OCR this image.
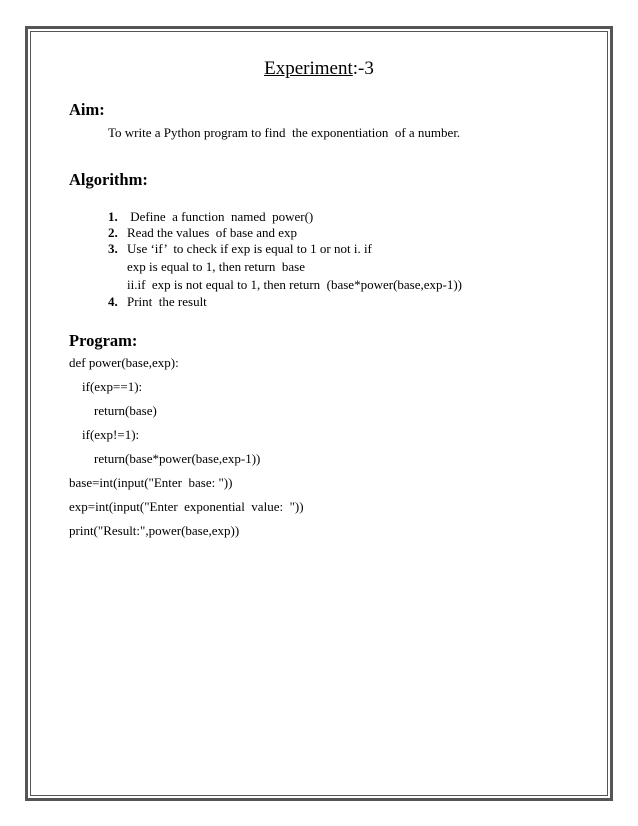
Experiment:-3
Aim:
To write a Python program to find  the exponentiation  of a number.
Algorithm:
1. Define  a function  named  power()
2. Read the values  of base and exp
3. Use ‘if’  to check if exp is equal to 1 or not i. if
exp is equal to 1, then return  base
ii.if  exp is not equal to 1, then return  (base*power(base,exp-1))
4. Print  the result
Program:
def power(base,exp):
if(exp==1):
return(base)
if(exp!=1):
return(base*power(base,exp-1))
base=int(input("Enter  base: "))
exp=int(input("Enter  exponential  value:  "))
print("Result:",power(base,exp))
